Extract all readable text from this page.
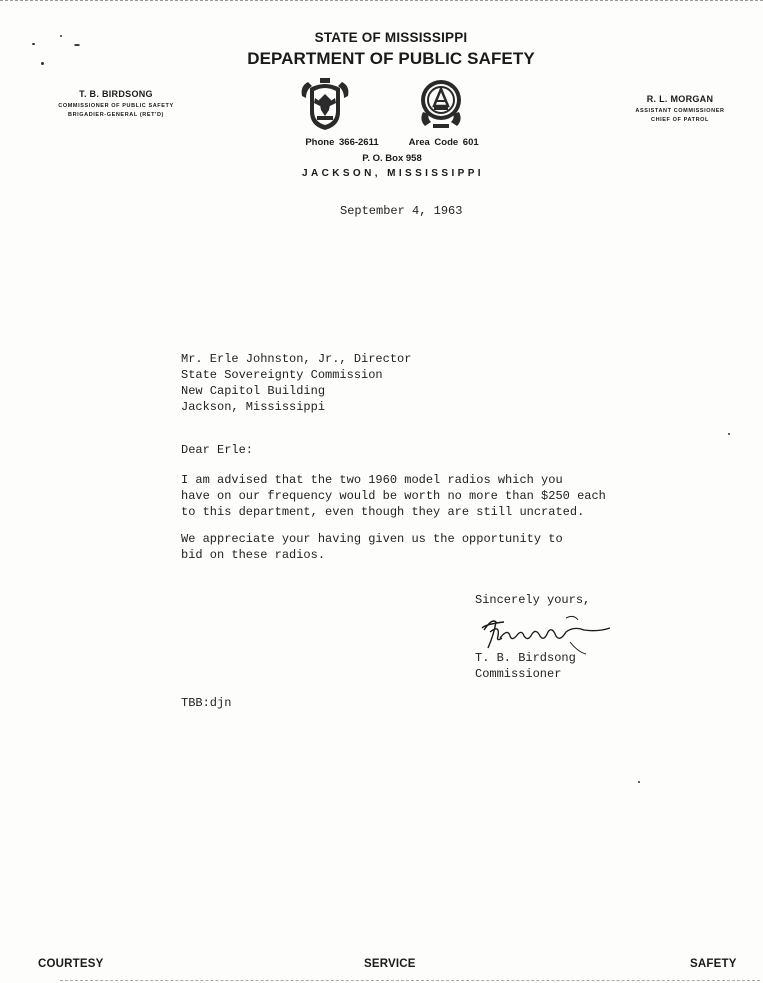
STATE OF MISSISSIPPI
DEPARTMENT OF PUBLIC SAFETY
T. B. BIRDSONG
COMMISSIONER OF PUBLIC SAFETY
BRIGADIER-GENERAL (RET'D)
R. L. MORGAN
ASSISTANT COMMISSIONER
CHIEF OF PATROL
Phone 366-2611	Area Code 601
P. O. Box 958
JACKSON, MISSISSIPPI
September 4, 1963
Mr. Erle Johnston, Jr., Director
State Sovereignty Commission
New Capitol Building
Jackson, Mississippi
Dear Erle:
I am advised that the two 1960 model radios which you
have on our frequency would be worth no more than $250 each
to this department, even though they are still uncrated.
We appreciate your having given us the opportunity to
bid on these radios.
Sincerely yours,
T. B. Birdsong
Commissioner
TBB:djn
COURTESY	SERVICE	SAFETY
